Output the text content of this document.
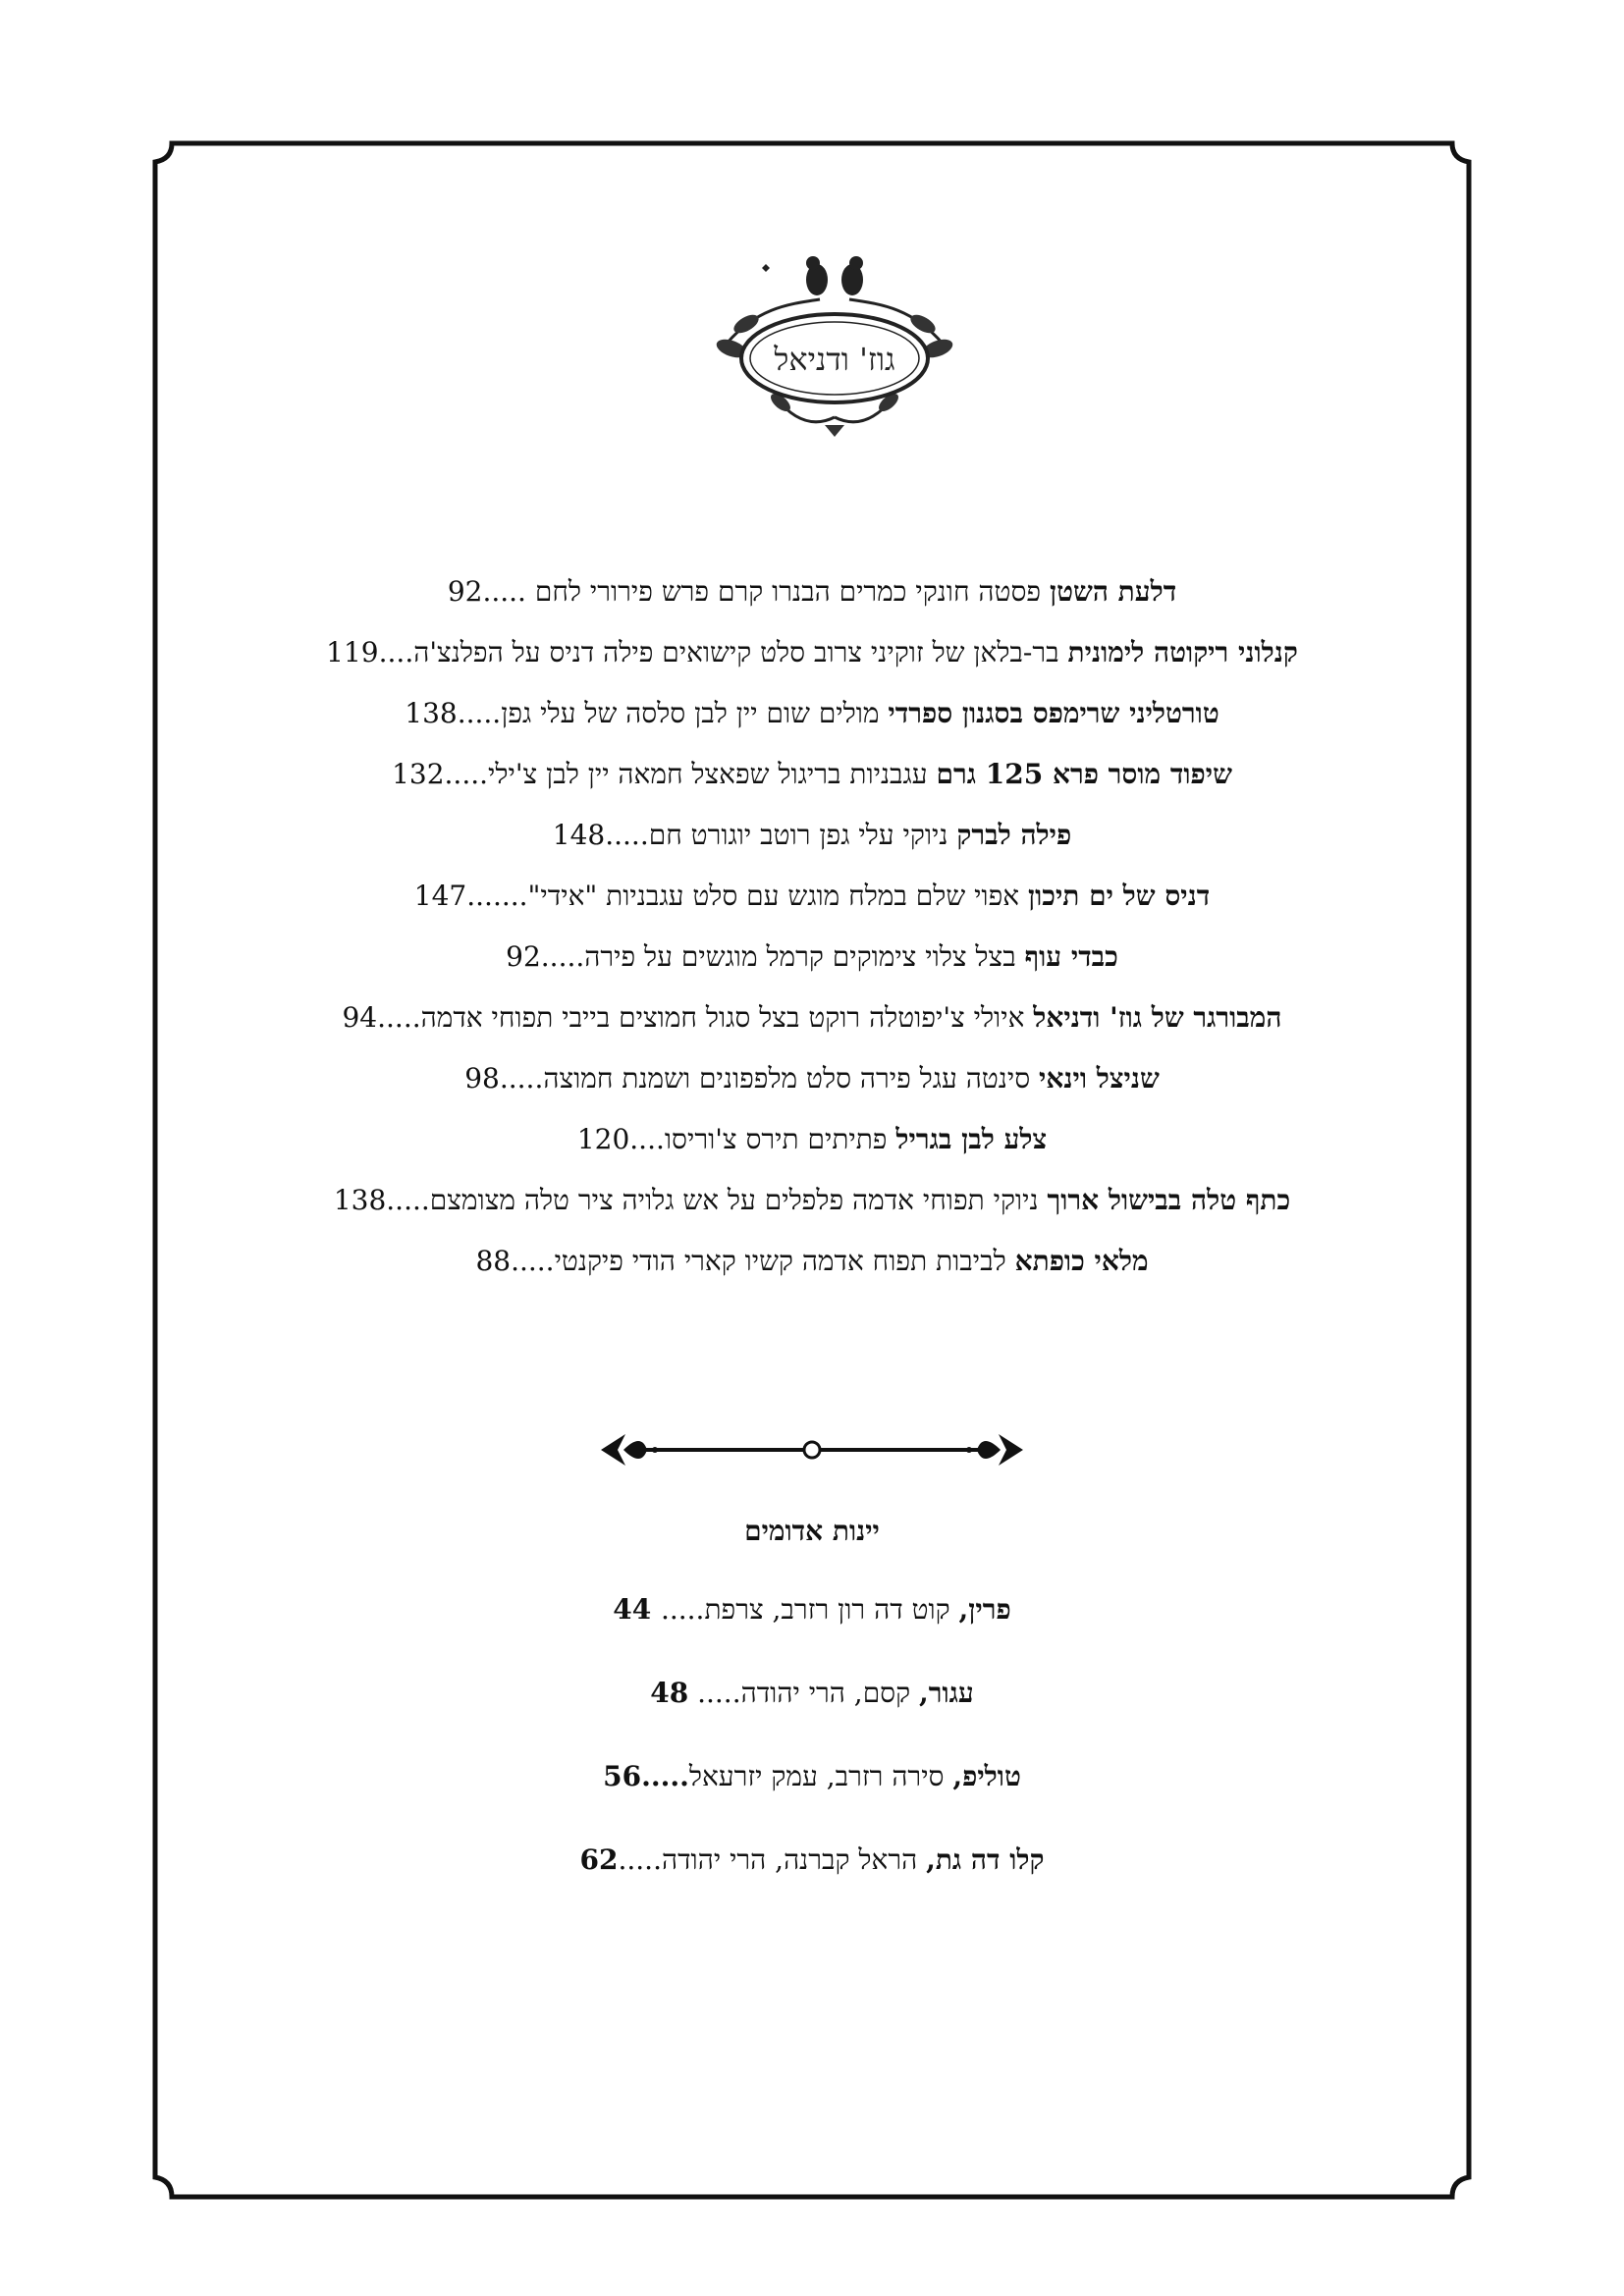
גוז' ודניאל
דלעת השטן פסטה חונקי כמרים הבנרו קרם פרש פירורי לחם .....92
קנלוני ריקוטה לימונית בר-בלאן של זוקיני צרוב סלט קישואים פילה דניס על הפלנצ'ה....119
טורטליני שרימפס בסגנון ספרדי מולים שום יין לבן סלסה של עלי גפן.....138
שיפוד מוסר פרא 125 גרם עגבניות בריגול שפאצל חמאה יין לבן צ'ילי.....132
פילה לברק ניוקי עלי גפן רוטב יוגורט חם.....148
דניס של ים תיכון אפוי שלם במלח מוגש עם סלט עגבניות "אידי".......147
כבדי עוף בצל צלוי צימוקים קרמל מוגשים על פירה.....92
המבורגר של גוז' ודניאל איולי צ'יפוטלה רוקט בצל סגול חמוצים בייבי תפוחי אדמה.....94
שניצל וינאי סינטה עגל פירה סלט מלפפונים ושמנת חמוצה.....98
צלע לבן בגריל פתיתים תירס צ'וריסו....120
כתף טלה בבישול ארוך ניוקי תפוחי אדמה פלפלים על אש גלויה ציר טלה מצומצם.....138
מלאי כופתא לביבות תפוח אדמה קשיו קארי הודי פיקנטי.....88
יינות אדומים
פרין, קוט דה רון רזרב, צרפת..... 44
עגור, קסם, הרי יהודה..... 48
טוליפ, סירה רזרב, עמק יזרעאל.....56
קלו דה גת, הראל קברנה, הרי יהודה.....62
